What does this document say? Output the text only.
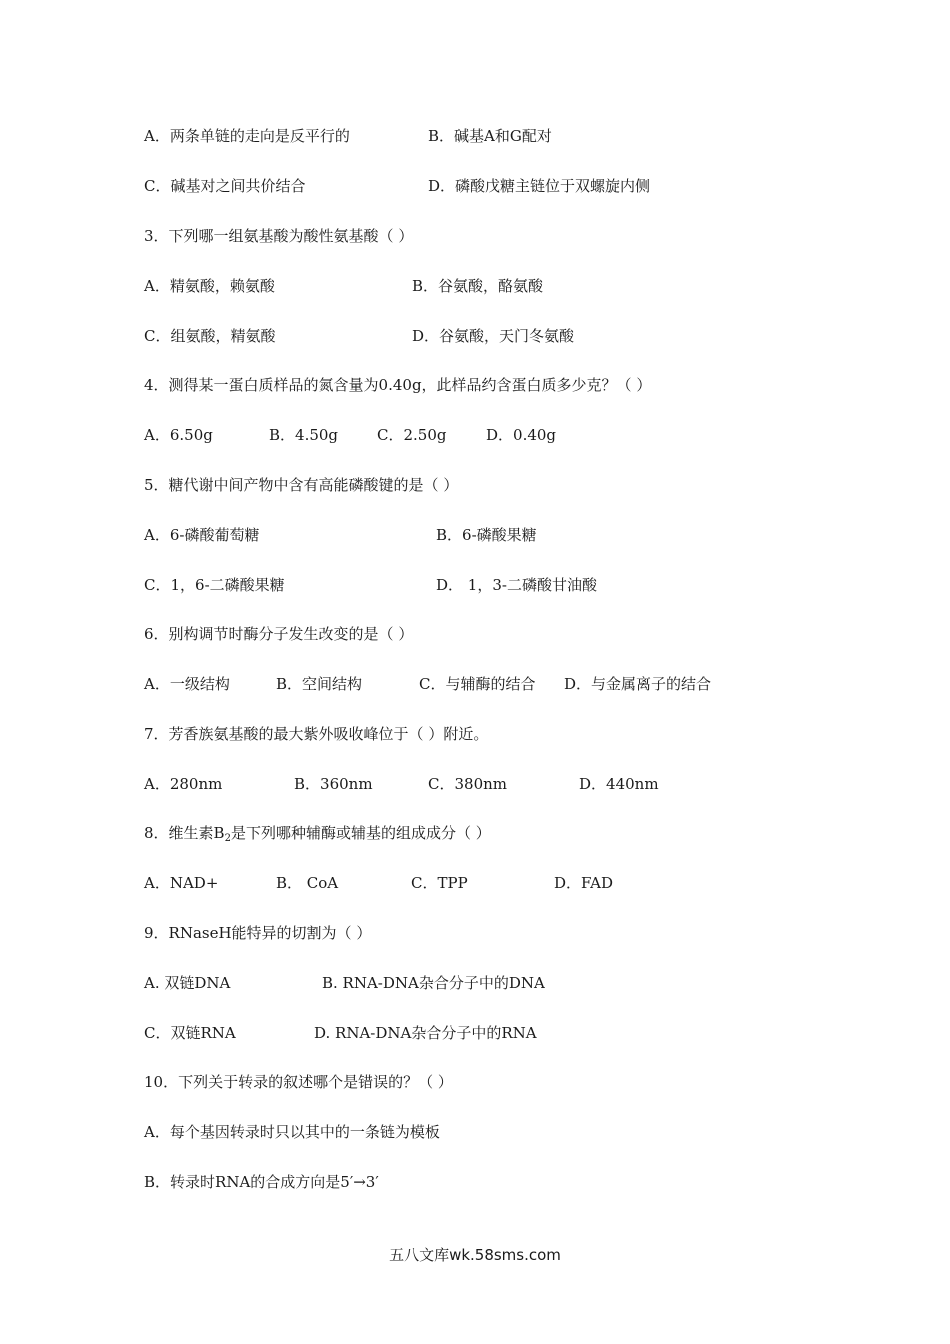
A．两条单链的走向是反平行的	B．碱基A和G配对
C．碱基对之间共价结合	D．磷酸戊糖主链位于双螺旋内侧
3．下列哪一组氨基酸为酸性氨基酸（ ）
A．精氨酸，赖氨酸	B．谷氨酸，酪氨酸
C．组氨酸，精氨酸	D．谷氨酸，天门冬氨酸
4．测得某一蛋白质样品的氮含量为0.40g，此样品约含蛋白质多少克？（ ）
A．6.50g	B．4.50g	C．2.50g	D．0.40g
5．糖代谢中间产物中含有高能磷酸键的是（ ）
A．6-磷酸葡萄糖	B．6-磷酸果糖
C．1，6-二磷酸果糖	D． 1，3-二磷酸甘油酸
6．别构调节时酶分子发生改变的是（ ）
A．一级结构	B．空间结构	C．与辅酶的结合 D．与金属离子的结合
7．芳香族氨基酸的最大紫外吸收峰位于（ ）附近。
A．280nm	B．360nm	C．380nm	D．440nm
8．维生素$B_2$是下列哪种辅酶或辅基的组成成分（ ）
A．NAD+	B． CoA	C．TPP	D．FAD
9．RNaseH能特异的切割为（ ）
A. 双链DNA	B. RNA-DNA杂合分子中的DNA
C．双链RNA	D. RNA-DNA杂合分子中的RNA
10．下列关于转录的叙述哪个是错误的？（ ）
A．每个基因转录时只以其中的一条链为模板
B．转录时RNA的合成方向是5′→3′
五八文库wk.58sms.com
